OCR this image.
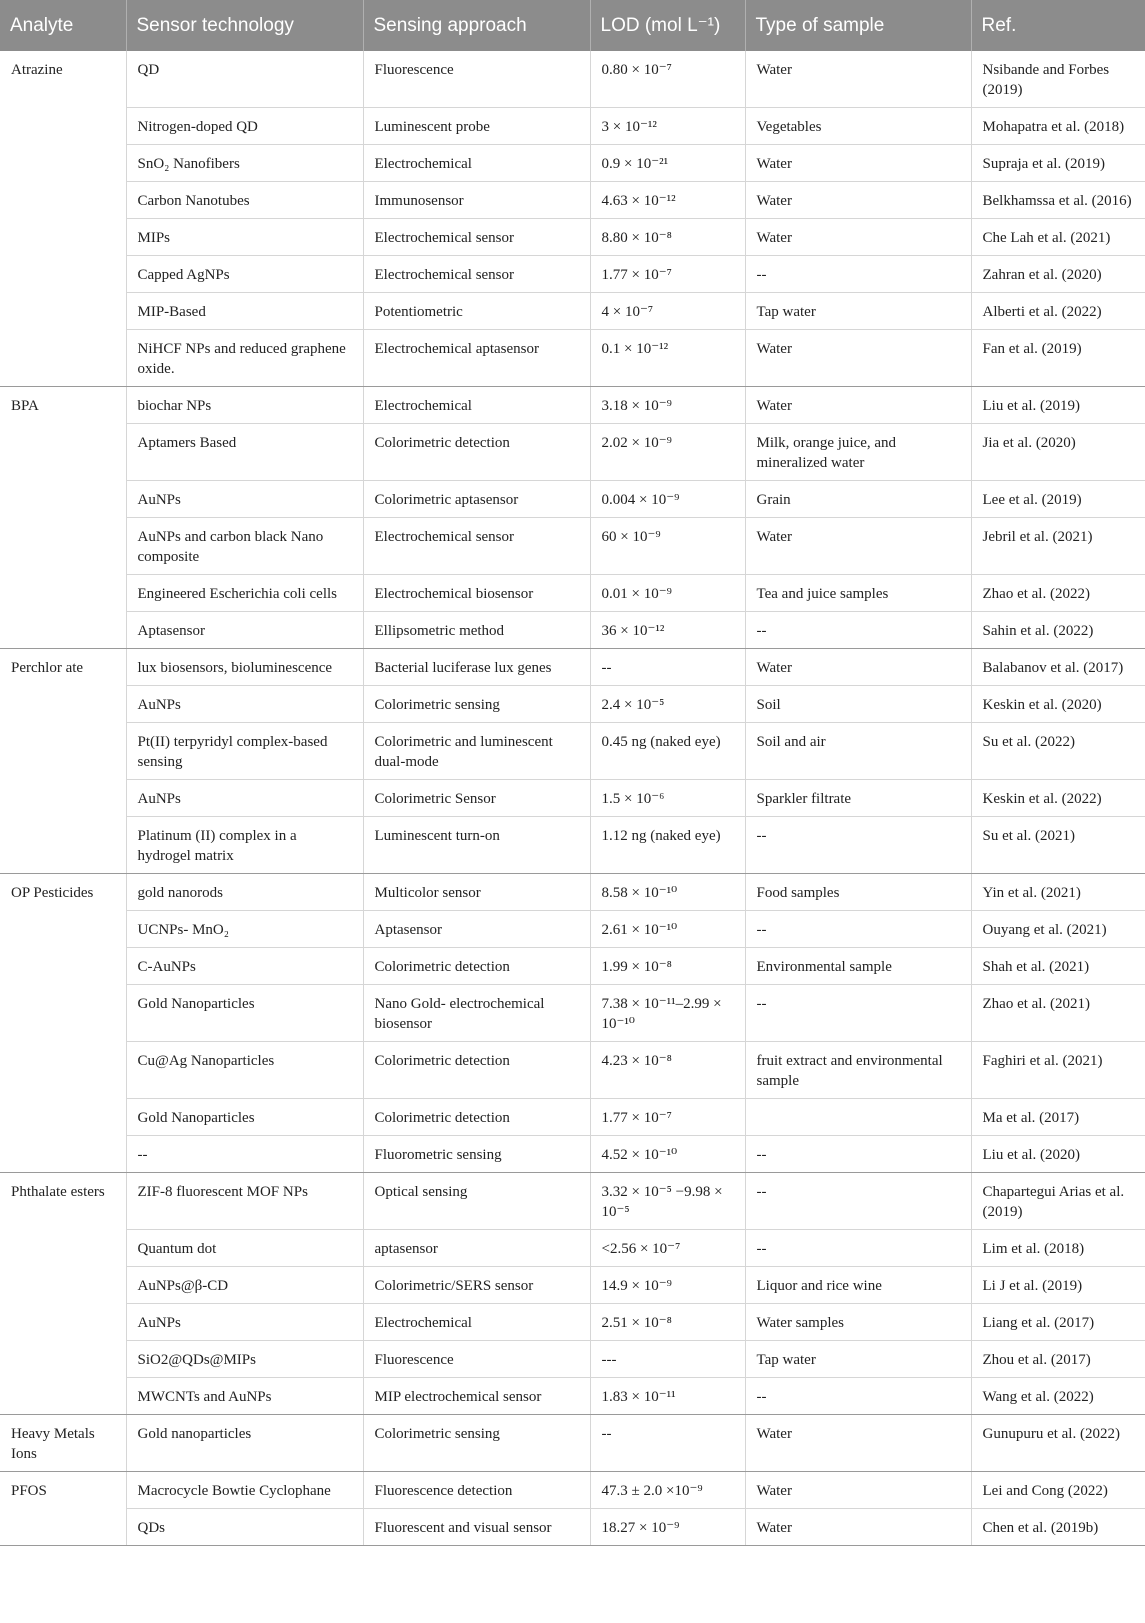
Analyte	Sensor technology	Sensing approach	LOD (mol L⁻¹)	Type of sample	Ref.
Atrazine	QD	Fluorescence	0.80 × 10⁻⁷	Water	Nsibande and Forbes (2019)
	Nitrogen-doped QD	Luminescent probe	3 × 10⁻¹²	Vegetables	Mohapatra et al. (2018)
	SnO₂ Nanofibers	Electrochemical	0.9 × 10⁻²¹	Water	Supraja et al. (2019)
	Carbon Nanotubes	Immunosensor	4.63 × 10⁻¹²	Water	Belkhamssa et al. (2016)
	MIPs	Electrochemical sensor	8.80 × 10⁻⁸	Water	Che Lah et al. (2021)
	Capped AgNPs	Electrochemical sensor	1.77 × 10⁻⁷	--	Zahran et al. (2020)
	MIP-Based	Potentiometric	4 × 10⁻⁷	Tap water	Alberti et al. (2022)
	NiHCF NPs and reduced graphene oxide.	Electrochemical aptasensor	0.1 × 10⁻¹²	Water	Fan et al. (2019)
BPA	biochar NPs	Electrochemical	3.18 × 10⁻⁹	Water	Liu et al. (2019)
	Aptamers Based	Colorimetric detection	2.02 × 10⁻⁹	Milk, orange juice, and mineralized water	Jia et al. (2020)
	AuNPs	Colorimetric aptasensor	0.004 × 10⁻⁹	Grain	Lee et al. (2019)
	AuNPs and carbon black Nano composite	Electrochemical sensor	60 × 10⁻⁹	Water	Jebril et al. (2021)
	Engineered Escherichia coli cells	Electrochemical biosensor	0.01 × 10⁻⁹	Tea and juice samples	Zhao et al. (2022)
	Aptasensor	Ellipsometric method	36 × 10⁻¹²	--	Sahin et al. (2022)
Perchlor ate	lux biosensors, bioluminescence	Bacterial luciferase lux genes	--	Water	Balabanov et al. (2017)
	AuNPs	Colorimetric sensing	2.4 × 10⁻⁵	Soil	Keskin et al. (2020)
	Pt(II) terpyridyl complex-based sensing	Colorimetric and luminescent dual-mode	0.45 ng (naked eye)	Soil and air	Su et al. (2022)
	AuNPs	Colorimetric Sensor	1.5 × 10⁻⁶	Sparkler filtrate	Keskin et al. (2022)
	Platinum (II) complex in a hydrogel matrix	Luminescent turn-on	1.12 ng (naked eye)	--	Su et al. (2021)
OP Pesticides	gold nanorods	Multicolor sensor	8.58 × 10⁻¹⁰	Food samples	Yin et al. (2021)
	UCNPs- MnO₂	Aptasensor	2.61 × 10⁻¹⁰	--	Ouyang et al. (2021)
	C-AuNPs	Colorimetric detection	1.99 × 10⁻⁸	Environmental sample	Shah et al. (2021)
	Gold Nanoparticles	Nano Gold- electrochemical biosensor	7.38 × 10⁻¹¹–2.99 × 10⁻¹⁰	--	Zhao et al. (2021)
	Cu@Ag Nanoparticles	Colorimetric detection	4.23 × 10⁻⁸	fruit extract and environmental sample	Faghiri et al. (2021)
	Gold Nanoparticles	Colorimetric detection	1.77 × 10⁻⁷		Ma et al. (2017)
	--	Fluorometric sensing	4.52 × 10⁻¹⁰	--	Liu et al. (2020)
Phthalate esters	ZIF-8 fluorescent MOF NPs	Optical sensing	3.32 × 10⁻⁵ −9.98 × 10⁻⁵	--	Chapartegui Arias et al. (2019)
	Quantum dot	aptasensor	<2.56 × 10⁻⁷	--	Lim et al. (2018)
	AuNPs@β-CD	Colorimetric/SERS sensor	14.9 × 10⁻⁹	Liquor and rice wine	Li J et al. (2019)
	AuNPs	Electrochemical	2.51 × 10⁻⁸	Water samples	Liang et al. (2017)
	SiO2@QDs@MIPs	Fluorescence	---	Tap water	Zhou et al. (2017)
	MWCNTs and AuNPs	MIP electrochemical sensor	1.83 × 10⁻¹¹	--	Wang et al. (2022)
Heavy Metals Ions	Gold nanoparticles	Colorimetric sensing	--	Water	Gunupuru et al. (2022)
PFOS	Macrocycle Bowtie Cyclophane	Fluorescence detection	47.3 ± 2.0 ×10⁻⁹	Water	Lei and Cong (2022)
	QDs	Fluorescent and visual sensor	18.27 × 10⁻⁹	Water	Chen et al. (2019b)
